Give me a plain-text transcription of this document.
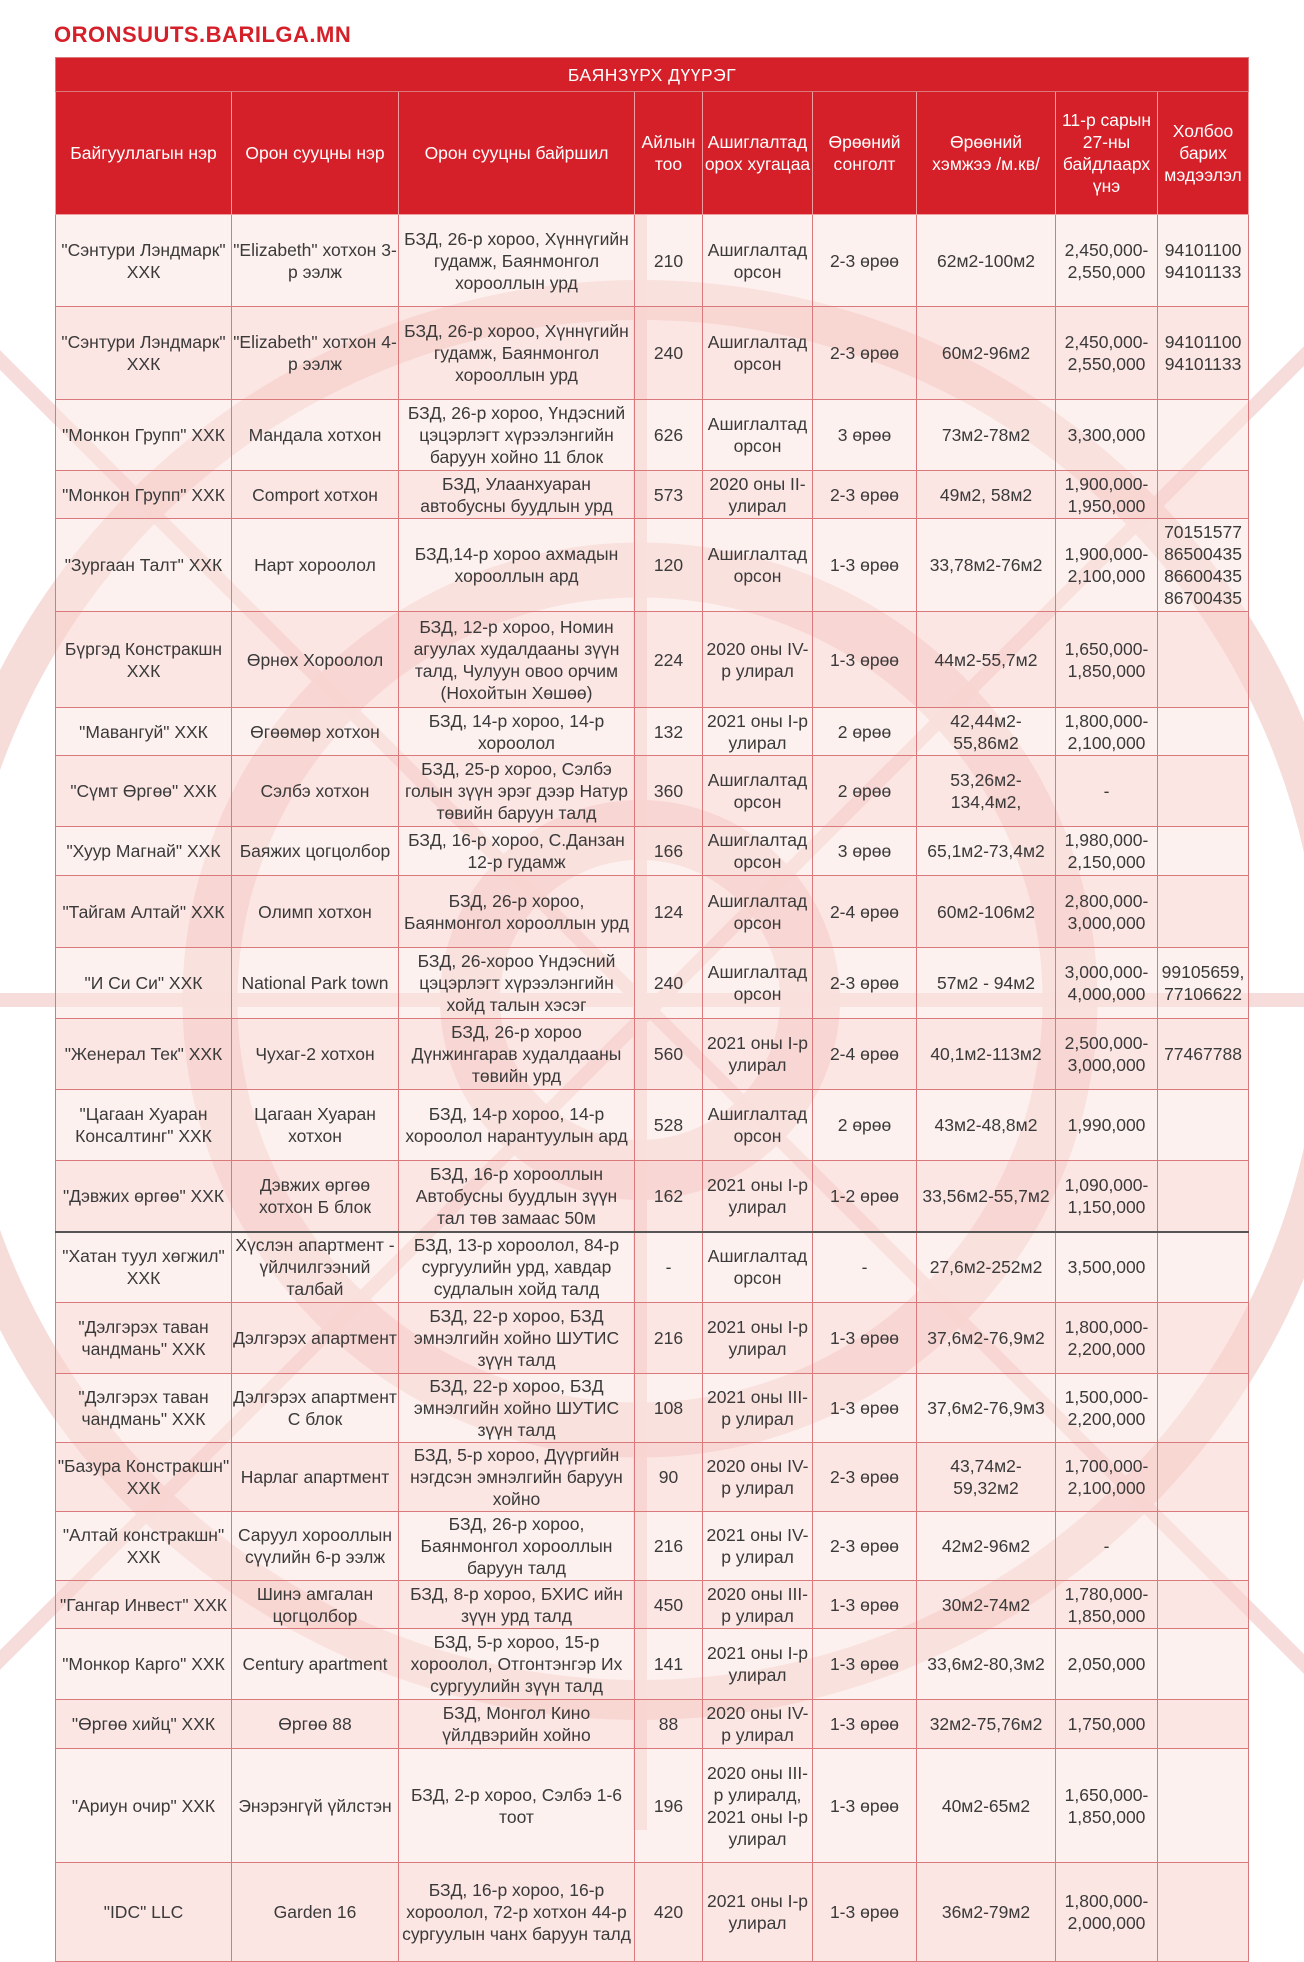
ORONSUUTS.BARILGA.MN
БАЯНЗҮРХ ДҮҮРЭГ								
Байгууллагын нэр	Орон сууцны нэр	Орон сууцны байршил	Айлын тоо	Ашиглалтад орох хугацаа	Өрөөний сонголт	Өрөөний хэмжээ /м.кв/	11-р сарын 27-ны байдлаарх үнэ	Холбоо барих мэдээлэл
"Сэнтури Лэндмарк" ХХК	"Elizabeth" хотхон 3-р ээлж	БЗД, 26-р хороо, Хүннүгийн гудамж, Баянмонгол хорооллын урд	210	Ашиглалтад орсон	2-3 өрөө	62м2-100м2	2,450,000-2,550,000	94101100 94101133
"Сэнтури Лэндмарк" ХХК	"Elizabeth" хотхон 4-р ээлж	БЗД, 26-р хороо, Хүннүгийн гудамж, Баянмонгол хорооллын урд	240	Ашиглалтад орсон	2-3 өрөө	60м2-96м2	2,450,000-2,550,000	94101100 94101133
"Монкон Групп" ХХК	Мандала хотхон	БЗД, 26-р хороо, Үндэсний цэцэрлэгт хүрээлэнгийн баруун хойно 11 блок	626	Ашиглалтад орсон	3 өрөө	73м2-78м2	3,300,000	
"Монкон Групп" ХХК	Comport хотхон	БЗД, Улаанхуаран автобусны буудлын урд	573	2020 оны II-улирал	2-3 өрөө	49м2, 58м2	1,900,000-1,950,000	
"Зургаан Талт" ХХК	Нарт хороолол	БЗД,14-р хороо ахмадын хорооллын ард	120	Ашиглалтад орсон	1-3 өрөө	33,78м2-76м2	1,900,000-2,100,000	70151577 86500435 86600435 86700435
Бүргэд Констракшн ХХК	Өрнөх Хороолол	БЗД, 12-р хороо, Номин агуулах худалдааны зүүн талд, Чулуун овоо орчим (Нохойтын Хөшөө)	224	2020 оны IV-р улирал	1-3 өрөө	44м2-55,7м2	1,650,000-1,850,000	
"Мавангуй" ХХК	Өгөөмөр хотхон	БЗД, 14-р хороо, 14-р хороолол	132	2021 оны I-р улирал	2 өрөө	42,44м2-55,86м2	1,800,000-2,100,000	
"Сүмт Өргөө" ХХК	Сэлбэ хотхон	БЗД, 25-р хороо, Сэлбэ голын зүүн эрэг дээр Натур төвийн баруун талд	360	Ашиглалтад орсон	2 өрөө	53,26м2-134,4м2,	-	
"Хуур Магнай" ХХК	Баяжих цогцолбор	БЗД, 16-р хороо, С.Данзан 12-р гудамж	166	Ашиглалтад орсон	3 өрөө	65,1м2-73,4м2	1,980,000-2,150,000	
"Тайгам Алтай" ХХК	Олимп хотхон	БЗД, 26-р хороо, Баянмонгол хорооллын урд	124	Ашиглалтад орсон	2-4 өрөө	60м2-106м2	2,800,000-3,000,000	
"И Си Си" ХХК	National Park town	БЗД, 26-хороо Үндэсний цэцэрлэгт хүрээлэнгийн хойд талын хэсэг	240	Ашиглалтад орсон	2-3 өрөө	57м2 - 94м2	3,000,000-4,000,000	99105659, 77106622
"Женерал Тек" ХХК	Чухаг-2 хотхон	БЗД, 26-р хороо Дүнжингарав худалдааны төвийн урд	560	2021 оны I-р улирал	2-4 өрөө	40,1м2-113м2	2,500,000-3,000,000	77467788
"Цагаан Хуаран Консалтинг" ХХК	Цагаан Хуаран хотхон	БЗД, 14-р хороо, 14-р хороолол нарантуулын ард	528	Ашиглалтад орсон	2 өрөө	43м2-48,8м2	1,990,000	
"Дэвжих өргөө" ХХК	Дэвжих өргөө хотхон Б блок	БЗД, 16-р хорооллын Автобусны буудлын зүүн тал төв замаас 50м	162	2021 оны I-р улирал	1-2 өрөө	33,56м2-55,7м2	1,090,000-1,150,000	
"Хатан туул хөгжил" ХХК	Хүслэн апартмент - үйлчилгээний талбай	БЗД, 13-р хороолол, 84-р сургуулийн урд, хавдар судлалын хойд талд	-	Ашиглалтад орсон	-	27,6м2-252м2	3,500,000	
"Дэлгэрэх таван чандмань" ХХК	Дэлгэрэх апартмент	БЗД, 22-р хороо, БЗД эмнэлгийн хойно ШУТИС зүүн талд	216	2021 оны I-р улирал	1-3 өрөө	37,6м2-76,9м2	1,800,000-2,200,000	
"Дэлгэрэх таван чандмань" ХХК	Дэлгэрэх апартмент С блок	БЗД, 22-р хороо, БЗД эмнэлгийн хойно ШУТИС зүүн талд	108	2021 оны III-р улирал	1-3 өрөө	37,6м2-76,9м3	1,500,000-2,200,000	
"Базура Констракшн" ХХК	Нарлаг апартмент	БЗД, 5-р хороо, Дүүргийн нэгдсэн эмнэлгийн баруун хойно	90	2020 оны IV-р улирал	2-3 өрөө	43,74м2-59,32м2	1,700,000-2,100,000	
"Алтай констракшн" ХХК	Саруул хорооллын сүүлийн 6-р ээлж	БЗД, 26-р хороо, Баянмонгол хорооллын баруун талд	216	2021 оны IV-р улирал	2-3 өрөө	42м2-96м2	-	
"Гангар Инвест" ХХК	Шинэ амгалан цогцолбор	БЗД, 8-р хороо, БХИС ийн зүүн урд талд	450	2020 оны III-р улирал	1-3 өрөө	30м2-74м2	1,780,000-1,850,000	
"Монкор Карго" ХХК	Century apartment	БЗД, 5-р хороо, 15-р хороолол, Отгонтэнгэр Их сургуулийн зүүн талд	141	2021 оны I-р улирал	1-3 өрөө	33,6м2-80,3м2	2,050,000	
"Өргөө хийц" ХХК	Өргөө 88	БЗД, Монгол Кино үйлдвэрийн хойно	88	2020 оны IV-р улирал	1-3 өрөө	32м2-75,76м2	1,750,000	
"Ариун очир" ХХК	Энэрэнгүй үйлстэн	БЗД, 2-р хороо, Сэлбэ 1-6 тоот	196	2020 оны III-р улиралд, 2021 оны I-р улирал	1-3 өрөө	40м2-65м2	1,650,000-1,850,000	
"IDC" LLC	Garden 16	БЗД, 16-р хороо, 16-р хороолол, 72-р хотхон 44-р сургуулын чанх баруун талд	420	2021 оны I-р улирал	1-3 өрөө	36м2-79м2	1,800,000-2,000,000	
